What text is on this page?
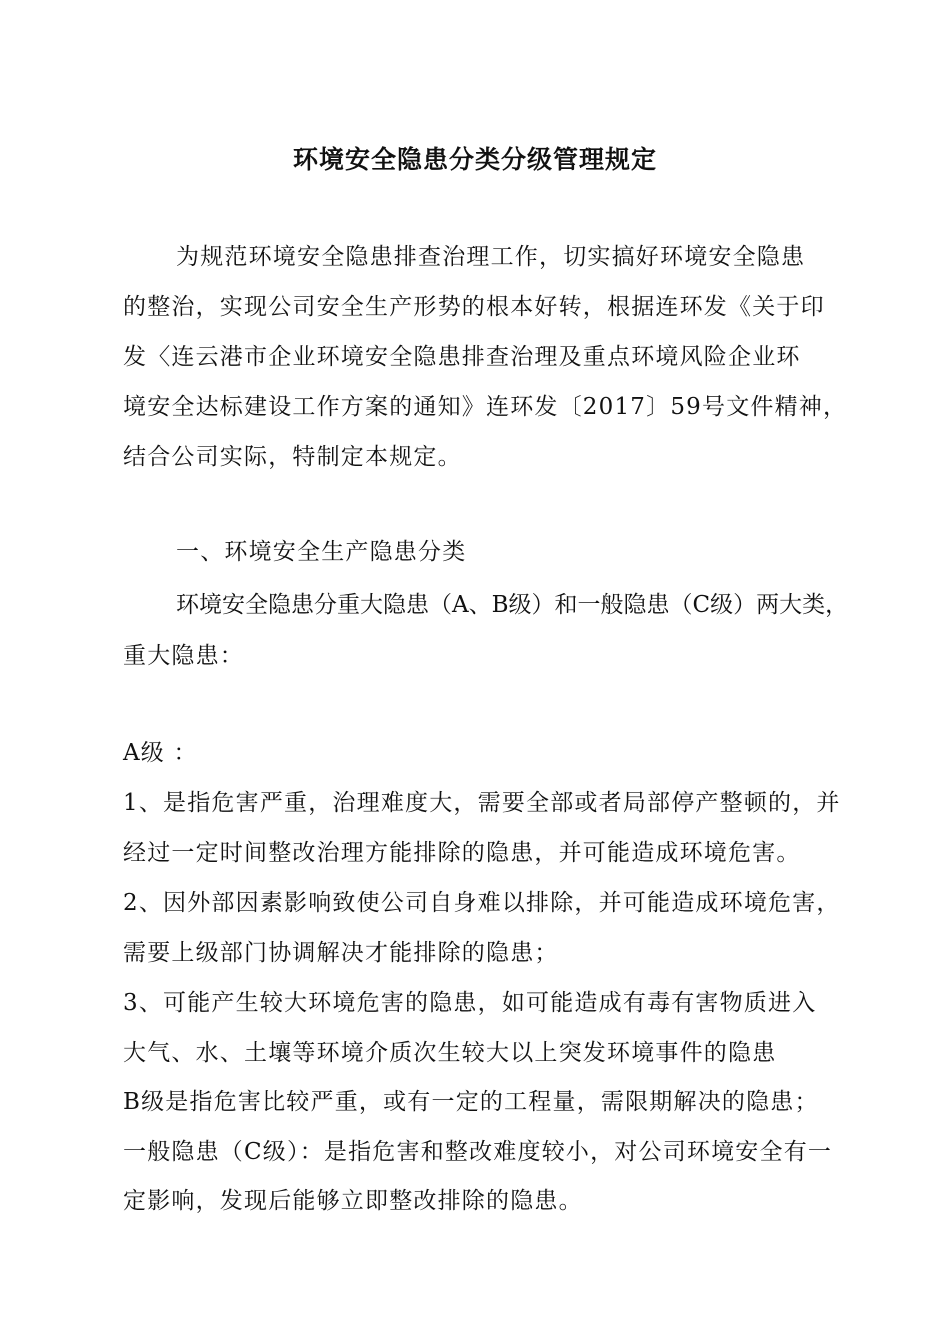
环境安全隐患分类分级管理规定
为规范环境安全隐患排查治理工作，切实搞好环境安全隐患
的整治，实现公司安全生产形势的根本好转，根据连环发《关于印
发〈连云港市企业环境安全隐患排查治理及重点环境风险企业环
境安全达标建设工作方案的通知》连环发〔2017〕59号文件精神，
结合公司实际，特制定本规定。
一、环境安全生产隐患分类
环境安全隐患分重大隐患（A、B级）和一般隐患（C级）两大类，
重大隐患：
A级 ：
1、是指危害严重，治理难度大，需要全部或者局部停产整顿的，并
经过一定时间整改治理方能排除的隐患，并可能造成环境危害。
2、因外部因素影响致使公司自身难以排除，并可能造成环境危害，
需要上级部门协调解决才能排除的隐患；
3、可能产生较大环境危害的隐患，如可能造成有毒有害物质进入
大气、水、土壤等环境介质次生较大以上突发环境事件的隐患
B级是指危害比较严重，或有一定的工程量，需限期解决的隐患；
一般隐患（C级）：是指危害和整改难度较小，对公司环境安全有一
定影响，发现后能够立即整改排除的隐患。
